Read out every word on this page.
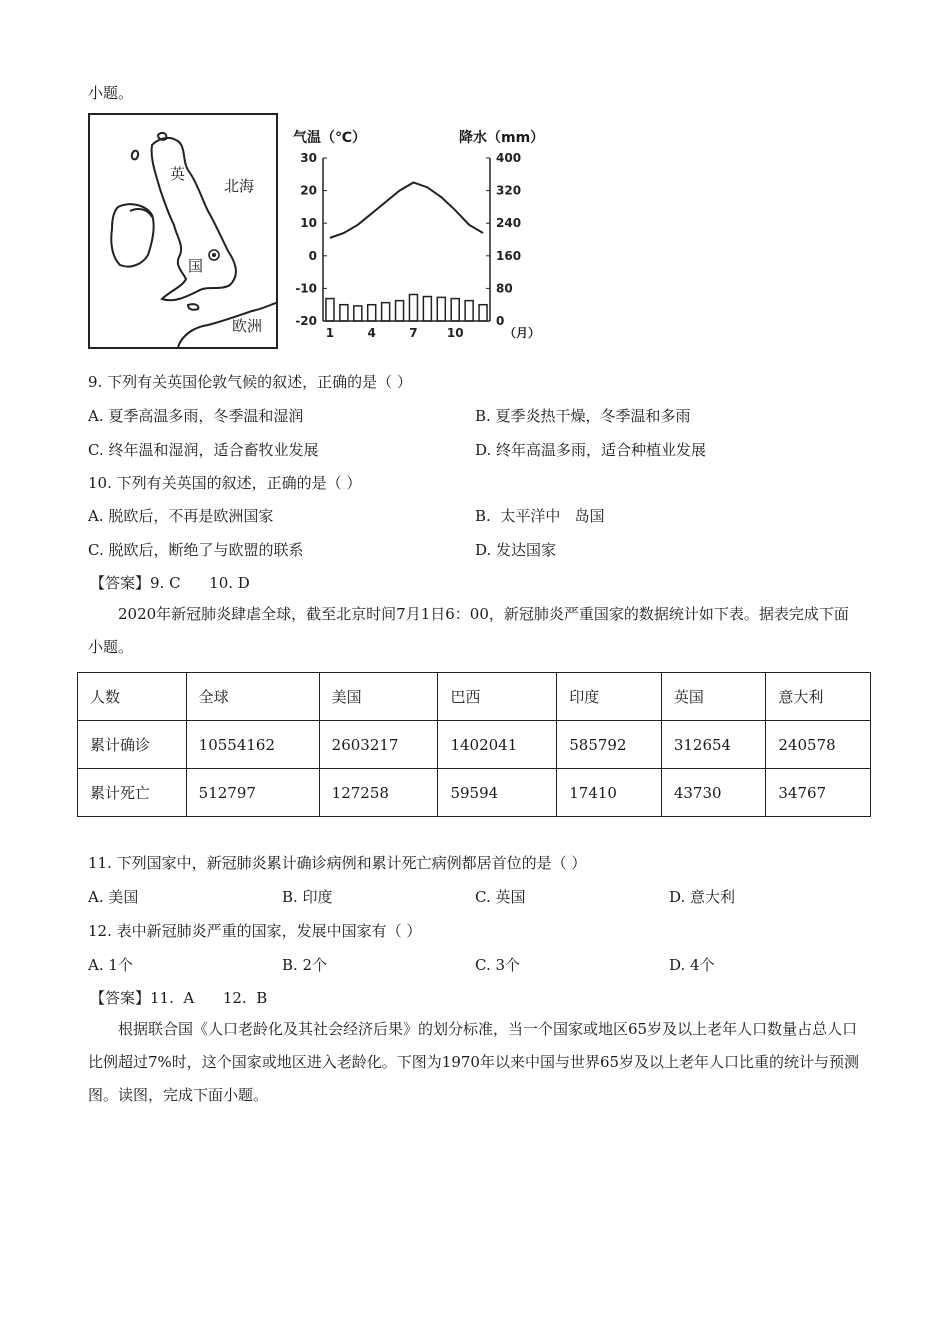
小题。
英
国
北海
欧洲
气温（℃）	降水（mm）
30
20
10
0
-10
-20
400
320
240
160
80
0
1	4	7 10	（月）
9. 下列有关英国伦敦气候的叙述，正确的是（ ）
A. 夏季高温多雨，冬季温和湿润	B. 夏季炎热干燥，冬季温和多雨
C. 终年温和湿润，适合畜牧业发展	D. 终年高温多雨，适合种植业发展
10. 下列有关英国的叙述，正确的是（ ）
A. 脱欧后，不再是欧洲国家	B.  太平洋中   岛国
C. 脱欧后，断绝了与欧盟的联系	D. 发达国家
【答案】9. C      10. D
2020年新冠肺炎肆虐全球，截至北京时间7月1日6：00，新冠肺炎严重国家的数据统计如下表。据表完成下面小题。
人数	全球	美国	巴西	印度	英国	意大利
累计确诊	10554162	2603217	1402041	585792	312654	240578
累计死亡	512797	127258	59594	17410	43730	34767
11. 下列国家中，新冠肺炎累计确诊病例和累计死亡病例都居首位的是（ ）
A. 美国	B. 印度	C. 英国	D. 意大利
12. 表中新冠肺炎严重的国家，发展中国家有（ ）
A. 1个	B. 2个	C. 3个	D. 4个
【答案】11.  A      12.  B
根据联合国《人口老龄化及其社会经济后果》的划分标准，当一个国家或地区65岁及以上老年人口数量占总人口比例超过7%时，这个国家或地区进入老龄化。下图为1970年以来中国与世界65岁及以上老年人口比重的统计与预测图。读图，完成下面小题。
